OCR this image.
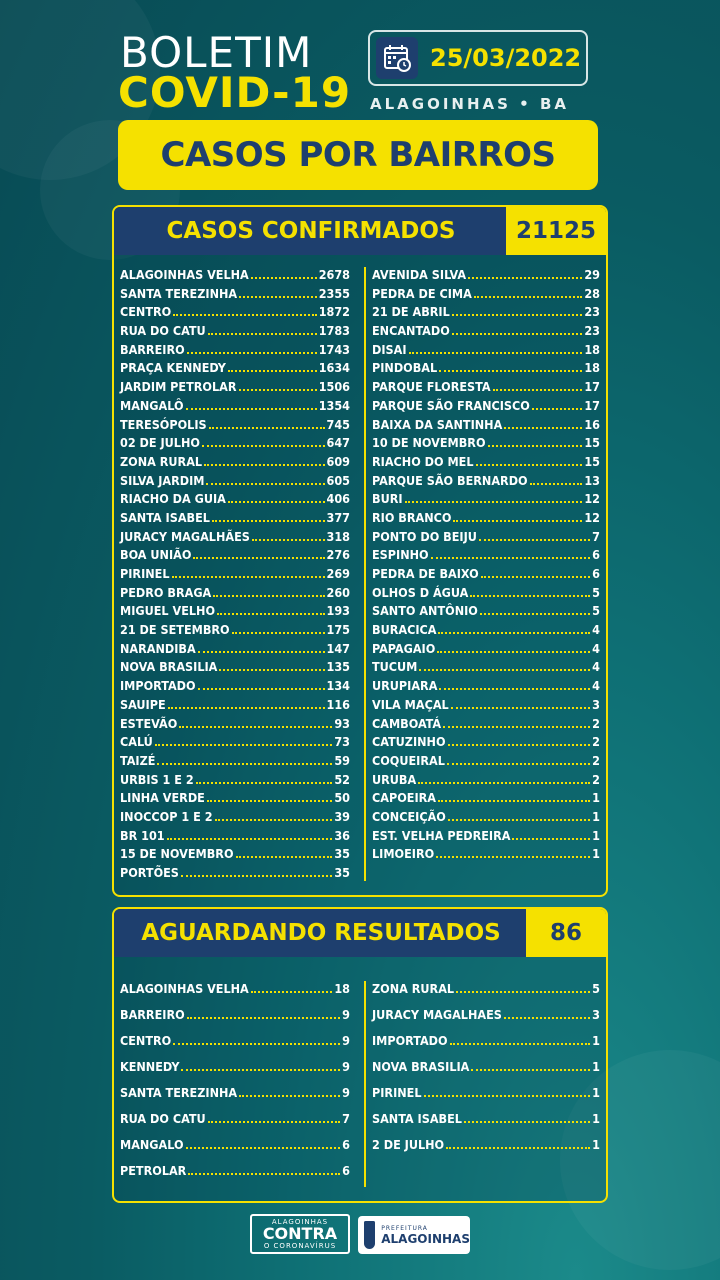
BOLETIM
COVID-19
25/03/2022
ALAGOINHAS • BA
CASOS POR BAIRROS
CASOS CONFIRMADOS	21125
ALAGOINHAS VELHA	2678
SANTA TEREZINHA	2355
CENTRO	1872
RUA DO CATU	1783
BARREIRO	1743
PRAÇA KENNEDY	1634
JARDIM PETROLAR	1506
MANGALÔ	1354
TERESÓPOLIS	745
02 DE JULHO	647
ZONA RURAL	609
SILVA JARDIM	605
RIACHO DA GUIA	406
SANTA ISABEL	377
JURACY MAGALHÃES	318
BOA UNIÃO	276
PIRINEL	269
PEDRO BRAGA	260
MIGUEL VELHO	193
21 DE SETEMBRO	175
NARANDIBA	147
NOVA BRASILIA	135
IMPORTADO	134
SAUIPE	116
ESTEVÃO	93
CALÚ	73
TAIZÉ	59
URBIS 1 E 2	52
LINHA VERDE	50
INOCCOP 1 E 2	39
BR 101	36
15 DE NOVEMBRO	35
PORTÕES	35
AVENIDA SILVA	29
PEDRA DE CIMA	28
21 DE ABRIL	23
ENCANTADO	23
DISAI	18
PINDOBAL	18
PARQUE FLORESTA	17
PARQUE SÃO FRANCISCO	17
BAIXA DA SANTINHA	16
10 DE NOVEMBRO	15
RIACHO DO MEL	15
PARQUE SÃO BERNARDO	13
BURI	12
RIO BRANCO	12
PONTO DO BEIJU	7
ESPINHO	6
PEDRA DE BAIXO	6
OLHOS D ÁGUA	5
SANTO ANTÔNIO	5
BURACICA	4
PAPAGAIO	4
TUCUM	4
URUPIARA	4
VILA MAÇAL	3
CAMBOATÁ	2
CATUZINHO	2
COQUEIRAL	2
URUBA	2
CAPOEIRA	1
CONCEIÇÃO	1
EST. VELHA PEDREIRA	1
LIMOEIRO	1
AGUARDANDO RESULTADOS	86
ALAGOINHAS VELHA	18
BARREIRO	9
CENTRO	9
KENNEDY	9
SANTA TEREZINHA	9
RUA DO CATU	7
MANGALO	6
PETROLAR	6
ZONA RURAL	5
JURACY MAGALHAES	3
IMPORTADO	1
NOVA BRASILIA	1
PIRINEL	1
SANTA ISABEL	1
2 DE JULHO	1
ALAGOINHAS
CONTRA
O CORONAVÍRUS
PREFEITURA
ALAGOINHAS
